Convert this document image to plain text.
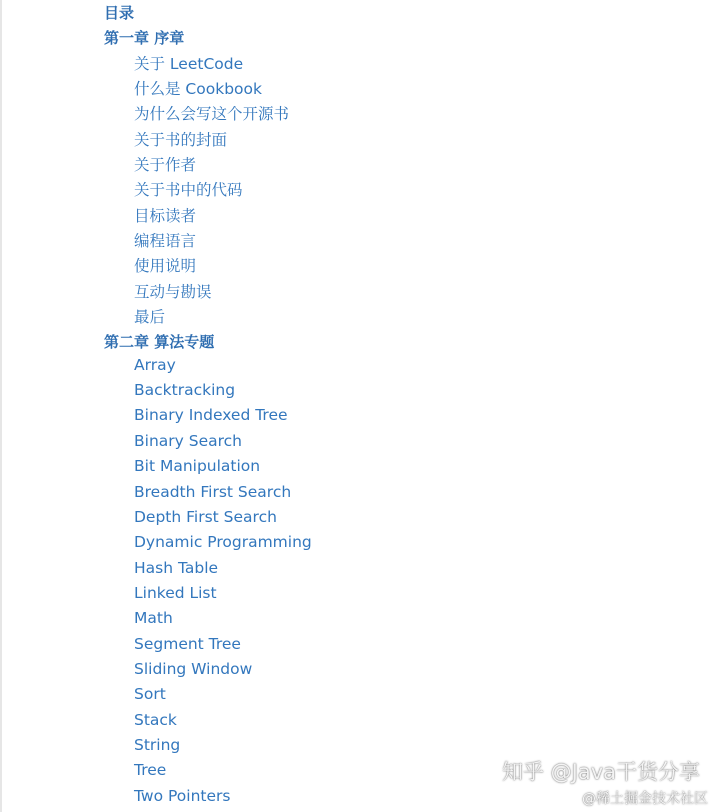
目录
第一章 序章
关于 LeetCode
什么是 Cookbook
为什么会写这个开源书
关于书的封面
关于作者
关于书中的代码
目标读者
编程语言
使用说明
互动与勘误
最后
第二章 算法专题
Array
Backtracking
Binary Indexed Tree
Binary Search
Bit Manipulation
Breadth First Search
Depth First Search
Dynamic Programming
Hash Table
Linked List
Math
Segment Tree
Sliding Window
Sort
Stack
String
Tree
Two Pointers
知乎 @Java干货分享
@稀土掘金技术社区
